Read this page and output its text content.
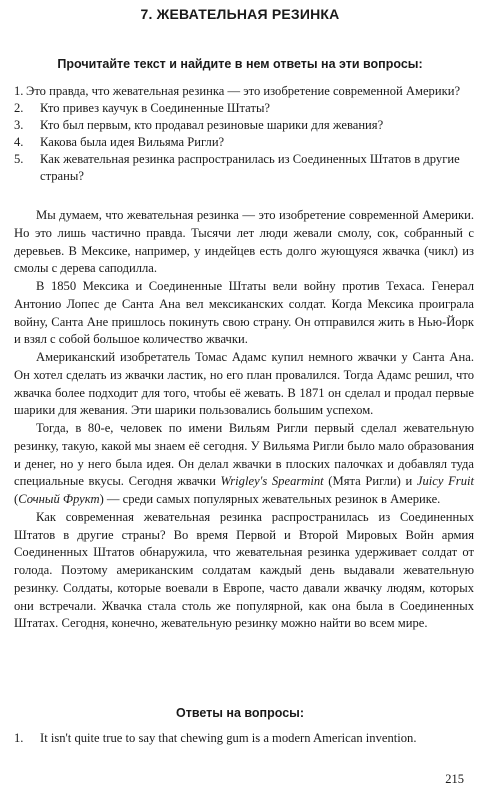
7. ЖЕВАТЕЛЬНАЯ РЕЗИНКА
Прочитайте текст и найдите в нем ответы на эти вопросы:
1. Это правда, что жевательная резинка — это изобретение современной Америки?
2.	Кто привез каучук в Соединенные Штаты?
3.	Кто был первым, кто продавал резиновые шарики для жевания?
4.	Какова была идея Вильяма Ригли?
5.	Как жевательная резинка распространилась из Соединенных Штатов в другие страны?

Мы думаем, что жевательная резинка — это изобретение современной Америки. Но это лишь частично правда. Тысячи лет люди жевали смолу, сок, собранный с деревьев. В Мексике, например, у индейцев есть долго жующуяся жвачка (чикл) из смолы с дерева саподилла.

В 1850 Мексика и Соединенные Штаты вели войну против Техаса. Генерал Антонио Лопес де Санта Ана вел мексиканских солдат. Когда Мексика проиграла войну, Санта Ане пришлось покинуть свою страну. Он отправился жить в Нью-Йорк и взял с собой большое количество жвачки.

Американский изобретатель Томас Адамс купил немного жвачки у Санта Ана. Он хотел сделать из жвачки ластик, но его план провалился. Тогда Адамс решил, что жвачка более подходит для того, чтобы её жевать. В 1871 он сделал и продал первые шарики для жевания. Эти шарики пользовались большим успехом.

Тогда, в 80-е, человек по имени Вильям Ригли первый сделал жевательную резинку, такую, какой мы знаем её сегодня. У Вильяма Ригли было мало образования и денег, но у него была идея. Он делал жвачки в плоских палочках и добавлял туда специальные вкусы. Сегодня жвачки Wrigley's Spearmint (Мята Ригли) и Juicy Fruit (Сочный Фрукт) — среди самых популярных жевательных резинок в Америке.

Как современная жевательная резинка распространилась из Соединенных Штатов в другие страны? Во время Первой и Второй Мировых Войн армия Соединенных Штатов обнаружила, что жевательная резинка удерживает солдат от голода. Поэтому американским солдатам каждый день выдавали жевательную резинку. Солдаты, которые воевали в Европе, часто давали жвачку людям, которых они встречали. Жвачка стала столь же популярной, как она была в Соединенных Штатах. Сегодня, конечно, жевательную резинку можно найти во всем мире.

Ответы на вопросы:
1.	It isn't quite true to say that chewing gum is a modern American invention.
215
